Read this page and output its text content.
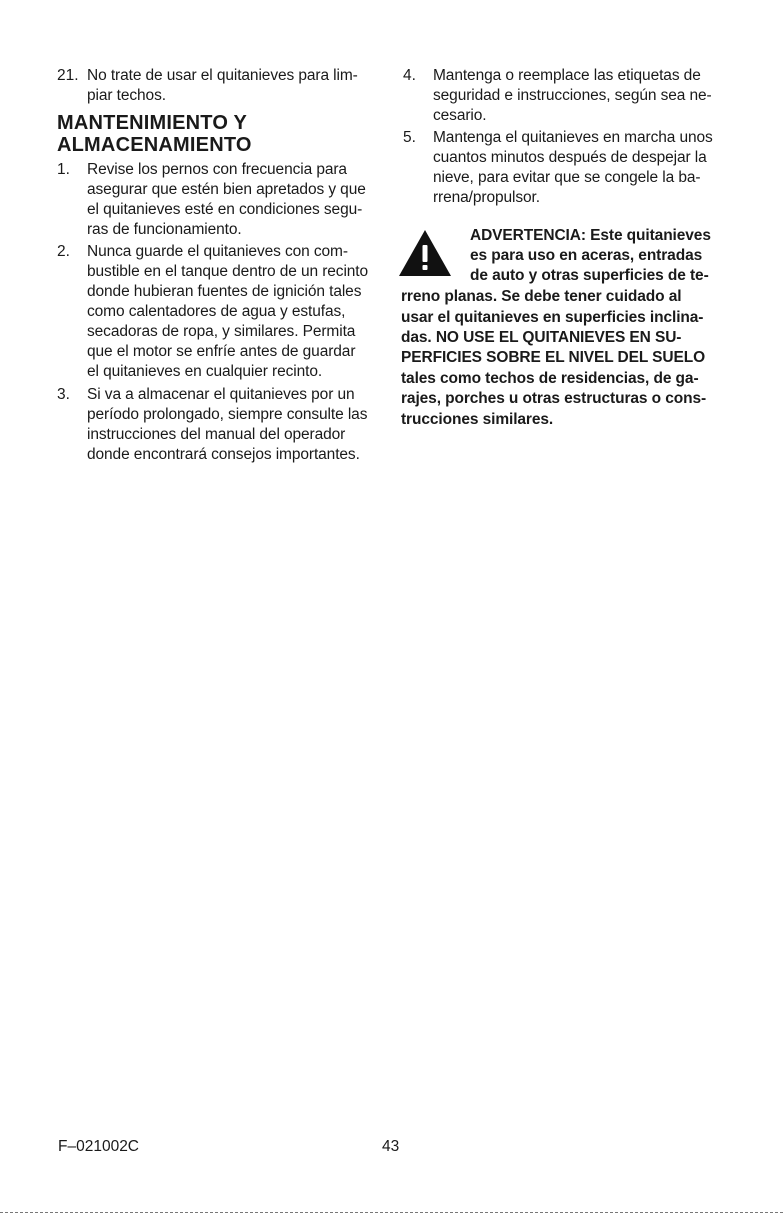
21. No trate de usar el quitanieves para lim-
piar techos.
MANTENIMIENTO Y
ALMACENAMIENTO
1. Revise los pernos con frecuencia para
asegurar que estén bien apretados y que
el quitanieves esté en condiciones segu-
ras de funcionamiento.
2. Nunca guarde el quitanieves con com-
bustible en el tanque dentro de un recinto
donde hubieran fuentes de ignición tales
como calentadores de agua y estufas,
secadoras de ropa, y similares. Permita
que el motor se enfríe antes de guardar
el quitanieves en cualquier recinto.
3. Si va a almacenar el quitanieves por un
período prolongado, siempre consulte las
instrucciones del manual del operador
donde encontrará consejos importantes.
4. Mantenga o reemplace las etiquetas de
seguridad e instrucciones, según sea ne-
cesario.
5. Mantenga el quitanieves en marcha unos
cuantos minutos después de despejar la
nieve, para evitar que se congele la ba-
rrena/propulsor.
ADVERTENCIA: Este quitanieves
es para uso en aceras, entradas
de auto y otras superficies de te-
rreno planas. Se debe tener cuidado al
usar el quitanieves en superficies inclina-
das. NO USE EL QUITANIEVES EN SU-
PERFICIES SOBRE EL NIVEL DEL SUELO
tales como techos de residencias, de ga-
rajes, porches u otras estructuras o cons-
trucciones similares.
F–021002C	43
